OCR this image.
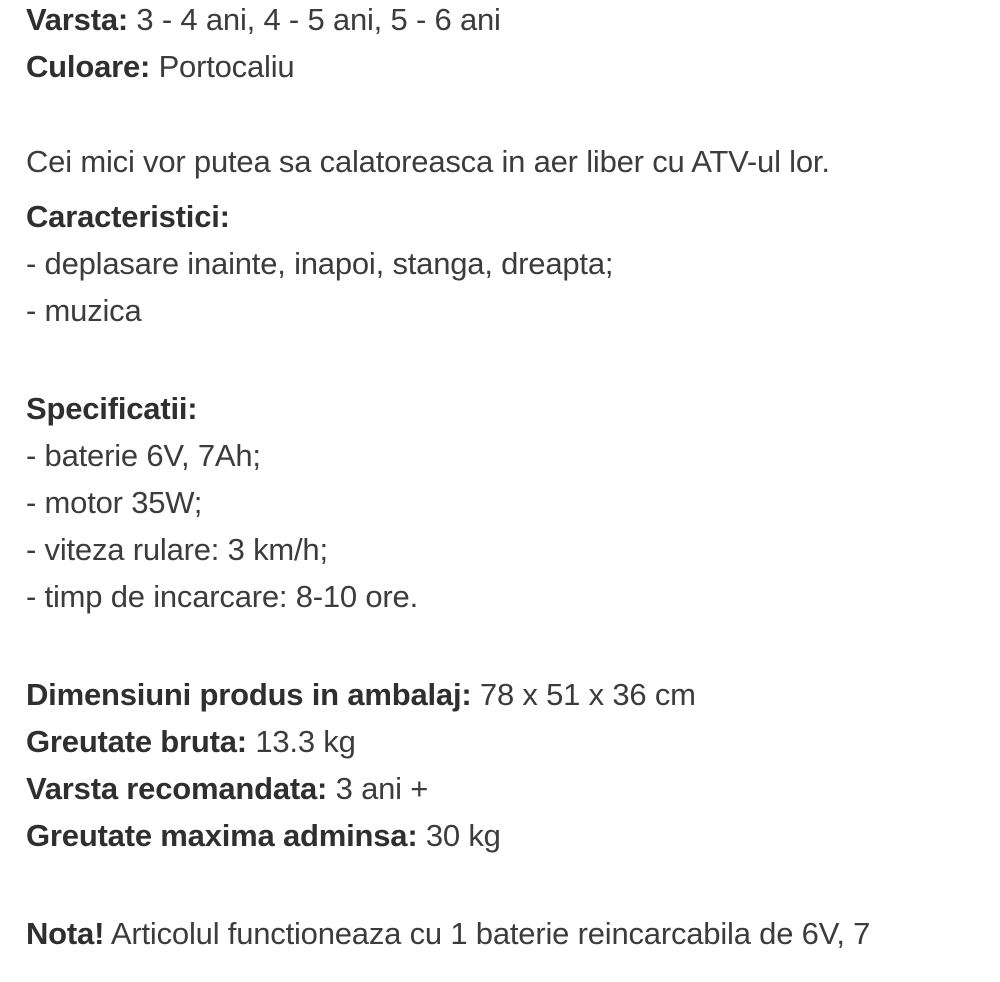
Varsta: 3 - 4 ani, 4 - 5 ani, 5 - 6 ani
Culoare: Portocaliu
Cei mici vor putea sa calatoreasca in aer liber cu ATV-ul lor.
Caracteristici:
- deplasare inainte, inapoi, stanga, dreapta;
- muzica
Specificatii:
- baterie 6V, 7Ah;
- motor 35W;
- viteza rulare: 3 km/h;
- timp de incarcare: 8-10 ore.
Dimensiuni produs in ambalaj: 78 x 51 x 36 cm
Greutate bruta: 13.3 kg
Varsta recomandata: 3 ani +
Greutate maxima adminsa: 30 kg
Nota! Articolul functioneaza cu 1 baterie reincarcabila de 6V, 7
